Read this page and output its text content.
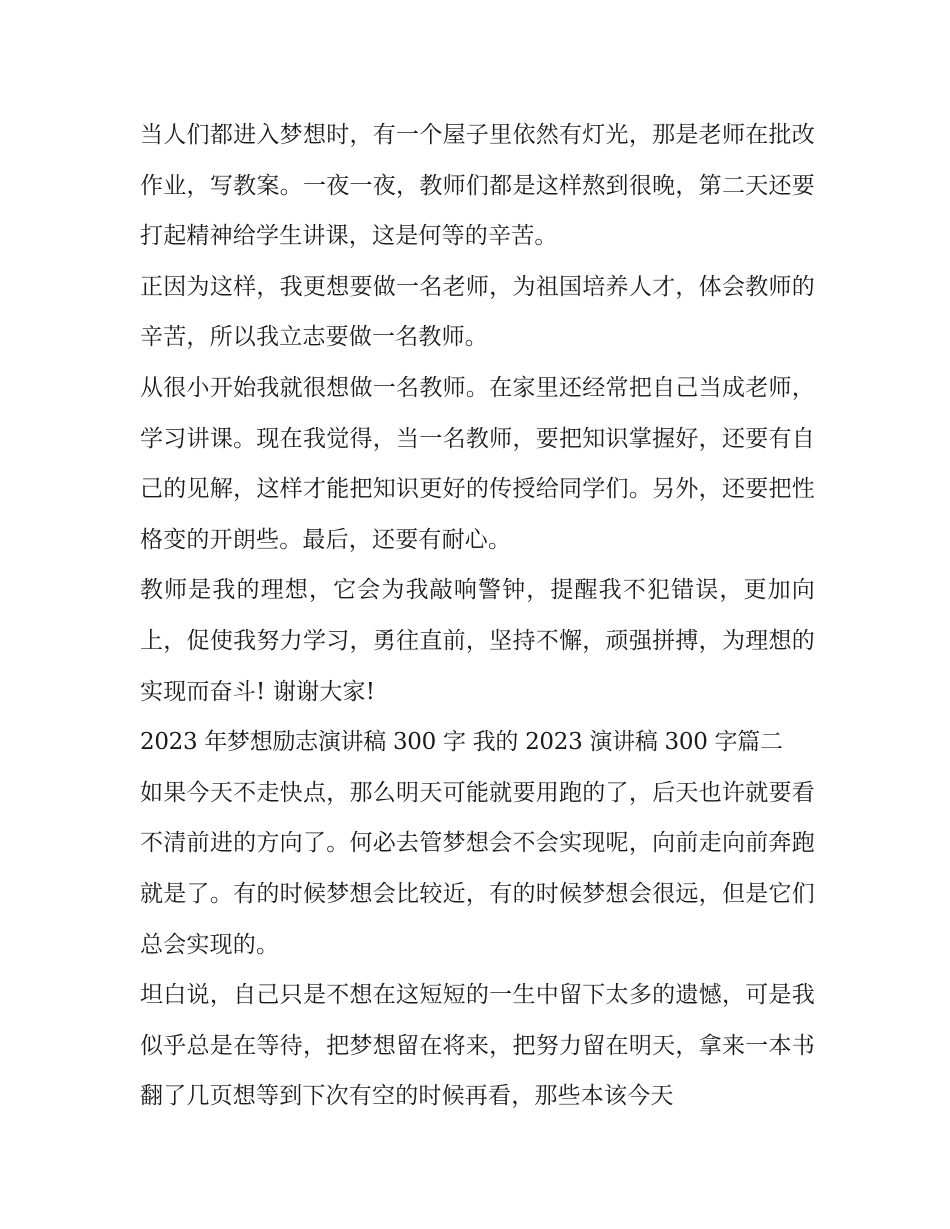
当人们都进入梦想时，有一个屋子里依然有灯光，那是老师在批改作业，写教案。一夜一夜，教师们都是这样熬到很晚，第二天还要打起精神给学生讲课，这是何等的辛苦。

正因为这样，我更想要做一名老师，为祖国培养人才，体会教师的辛苦，所以我立志要做一名教师。

从很小开始我就很想做一名教师。在家里还经常把自己当成老师，学习讲课。现在我觉得，当一名教师，要把知识掌握好，还要有自己的见解，这样才能把知识更好的传授给同学们。另外，还要把性格变的开朗些。最后，还要有耐心。

教师是我的理想，它会为我敲响警钟，提醒我不犯错误，更加向上，促使我努力学习，勇往直前，坚持不懈，顽强拼搏，为理想的实现而奋斗! 谢谢大家!

2023 年梦想励志演讲稿 300 字 我的 2023 演讲稿 300 字篇二

如果今天不走快点，那么明天可能就要用跑的了，后天也许就要看不清前进的方向了。何必去管梦想会不会实现呢，向前走向前奔跑就是了。有的时候梦想会比较近，有的时候梦想会很远，但是它们总会实现的。

坦白说，自己只是不想在这短短的一生中留下太多的遗憾，可是我似乎总是在等待，把梦想留在将来，把努力留在明天，拿来一本书翻了几页想等到下次有空的时候再看，那些本该今天
